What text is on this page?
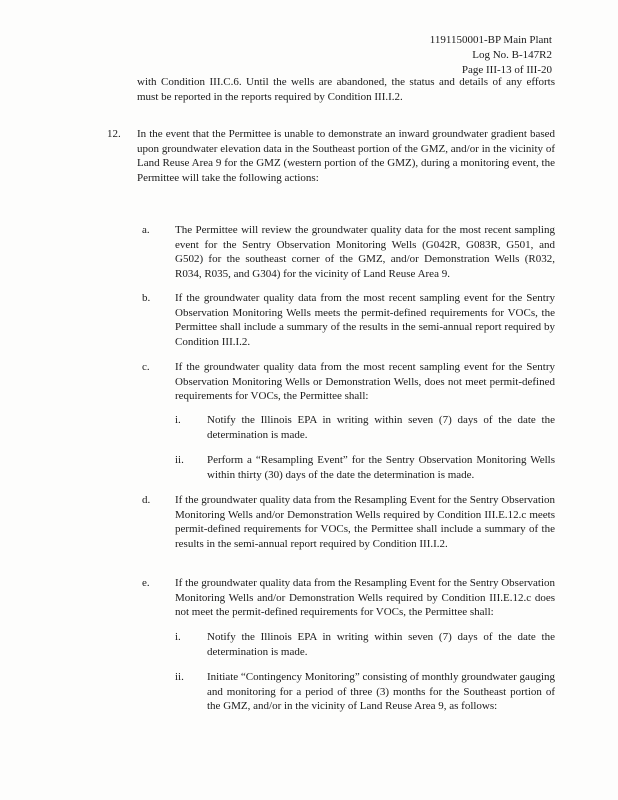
1191150001-BP Main Plant
Log No. B-147R2
Page III-13 of III-20

with Condition III.C.6. Until the wells are abandoned, the status and details of any efforts must be reported in the reports required by Condition III.I.2.

12. In the event that the Permittee is unable to demonstrate an inward groundwater gradient based upon groundwater elevation data in the Southeast portion of the GMZ, and/or in the vicinity of Land Reuse Area 9 for the GMZ (western portion of the GMZ), during a monitoring event, the Permittee will take the following actions:

a. The Permittee will review the groundwater quality data for the most recent sampling event for the Sentry Observation Monitoring Wells (G042R, G083R, G501, and G502) for the southeast corner of the GMZ, and/or Demonstration Wells (R032, R034, R035, and G304) for the vicinity of Land Reuse Area 9.

b. If the groundwater quality data from the most recent sampling event for the Sentry Observation Monitoring Wells meets the permit-defined requirements for VOCs, the Permittee shall include a summary of the results in the semi-annual report required by Condition III.I.2.

c. If the groundwater quality data from the most recent sampling event for the Sentry Observation Monitoring Wells or Demonstration Wells, does not meet permit-defined requirements for VOCs, the Permittee shall:

i. Notify the Illinois EPA in writing within seven (7) days of the date the determination is made.

ii. Perform a “Resampling Event” for the Sentry Observation Monitoring Wells within thirty (30) days of the date the determination is made.

d. If the groundwater quality data from the Resampling Event for the Sentry Observation Monitoring Wells and/or Demonstration Wells required by Condition III.E.12.c meets permit-defined requirements for VOCs, the Permittee shall include a summary of the results in the semi-annual report required by Condition III.I.2.

e. If the groundwater quality data from the Resampling Event for the Sentry Observation Monitoring Wells and/or Demonstration Wells required by Condition III.E.12.c does not meet the permit-defined requirements for VOCs, the Permittee shall:

i. Notify the Illinois EPA in writing within seven (7) days of the date the determination is made.

ii. Initiate “Contingency Monitoring” consisting of monthly groundwater gauging and monitoring for a period of three (3) months for the Southeast portion of the GMZ, and/or in the vicinity of Land Reuse Area 9, as follows:
